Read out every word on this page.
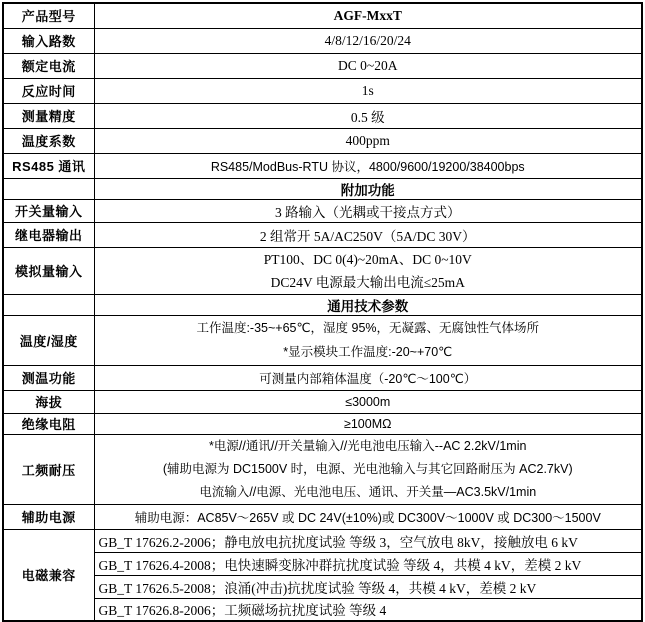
产品型号	AGF-MxxT
输入路数	4/8/12/16/20/24
额定电流	DC 0~20A
反应时间	1s
测量精度	0.5 级
温度系数	400ppm
RS485 通讯	RS485/ModBus-RTU 协议，4800/9600/19200/38400bps
	附加功能
开关量输入	3 路输入（光耦或干接点方式）
继电器输出	2 组常开 5A/AC250V（5A/DC 30V）
模拟量输入	PT100、DC 0(4)~20mA、DC 0~10V
DC24V 电源最大输出电流≤25mA

	通用技术参数
温度/湿度	工作温度:-35~+65℃，湿度 95%，无凝露、无腐蚀性气体场所
*显示模块工作温度:-20~+70℃

测温功能	可测量内部箱体温度（-20℃～100℃）
海拔	≤3000m
绝缘电阻	≥100MΩ
工频耐压	*电源//通讯//开关量输入//光电池电压输入--AC 2.2kV/1min
(辅助电源为 DC1500V 时，电源、光电池输入与其它回路耐压为 AC2.7kV)
电流输入//电源、光电池电压、通讯、开关量—AC3.5kV/1min

辅助电源	辅助电源：AC85V～265V 或 DC 24V(±10%)或 DC300V～1000V 或 DC300～1500V
电磁兼容	GB_T 17626.2-2006；静电放电抗扰度试验 等级 3，空气放电 8kV，接触放电 6 kV
	GB_T 17626.4-2008；电快速瞬变脉冲群抗扰度试验 等级 4，共模 4 kV，差模 2 kV
	GB_T 17626.5-2008；浪涌(冲击)抗扰度试验 等级 4，共模 4 kV，差模 2 kV
	GB_T 17626.8-2006；工频磁场抗扰度试验 等级 4
